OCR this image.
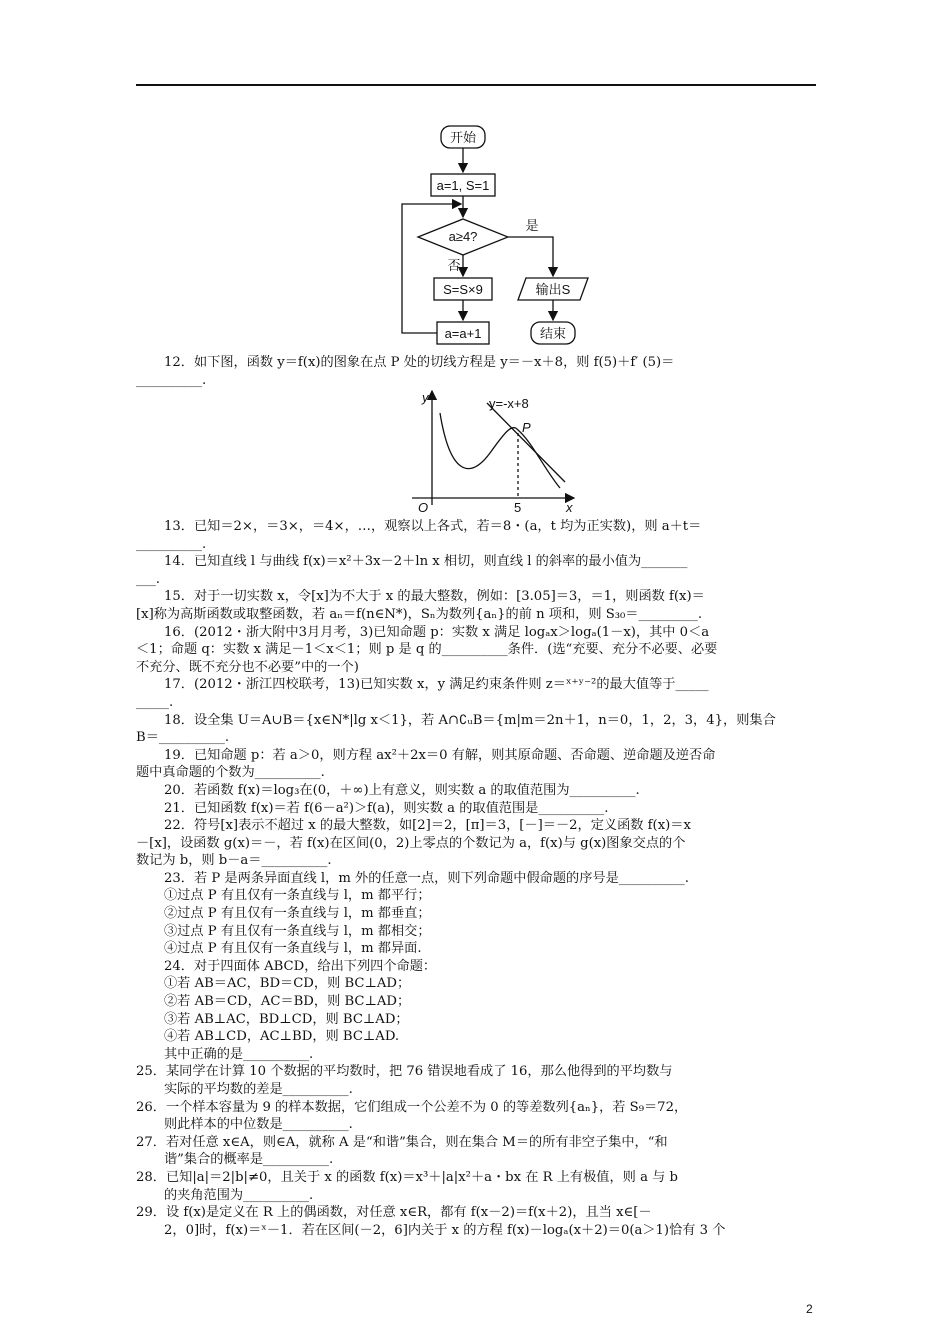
开始
a=1, S=1
a≥4?
是
否
S=S×9
a=a+1
输出S
结束
12．如下图，函数 y＝f(x)的图象在点 P 处的切线方程是 y＝－x＋8，则 f(5)＋f′ (5)＝
__________.
y
x
O
y=-x+8
P
5
13．已知＝2×，＝3×，＝4×，…，观察以上各式，若＝8・(a，t 均为正实数)，则 a＋t＝
__________.
14．已知直线 l 与曲线 f(x)＝x²＋3x－2＋ln x 相切，则直线 l 的斜率的最小值为_______
___.
15．对于一切实数 x，令[x]为不大于 x 的最大整数，例如：[3.05]＝3，＝1，则函数 f(x)＝
[x]称为高斯函数或取整函数，若 aₙ＝f(n∈N*)，Sₙ为数列{aₙ}的前 n 项和，则 S₃₀＝_________.
16．(2012・浙大附中3月月考，3)已知命题 p：实数 x 满足 logₐx＞logₐ(1－x)，其中 0＜a
＜1；命题 q：实数 x 满足－1＜x＜1；则 p 是 q 的__________条件．(选“充要、充分不必要、必要
不充分、既不充分也不必要”中的一个)
17．(2012・浙江四校联考，13)已知实数 x，y 满足约束条件则 z＝ˣ⁺ʸ⁻²的最大值等于_____
_____.
18．设全集 U＝A∪B＝{x∈N*|lg x＜1}，若 A∩∁ᵤB＝{m|m＝2n＋1，n＝0，1，2，3，4}，则集合
B＝__________.
19．已知命题 p：若 a＞0，则方程 ax²＋2x＝0 有解，则其原命题、否命题、逆命题及逆否命
题中真命题的个数为__________.
20．若函数 f(x)＝log₃在(0，＋∞)上有意义，则实数 a 的取值范围为__________.
21．已知函数 f(x)＝若 f(6－a²)＞f(a)，则实数 a 的取值范围是__________.
22．符号[x]表示不超过 x 的最大整数，如[2]＝2，[π]＝3，[－]＝－2，定义函数 f(x)＝x
－[x]，设函数 g(x)＝－，若 f(x)在区间(0，2)上零点的个数记为 a，f(x)与 g(x)图象交点的个
数记为 b，则 b－a＝__________.
23．若 P 是两条异面直线 l，m 外的任意一点，则下列命题中假命题的序号是__________.
①过点 P 有且仅有一条直线与 l，m 都平行；
②过点 P 有且仅有一条直线与 l，m 都垂直；
③过点 P 有且仅有一条直线与 l，m 都相交；
④过点 P 有且仅有一条直线与 l，m 都异面.
24．对于四面体 ABCD，给出下列四个命题：
①若 AB＝AC，BD＝CD，则 BC⊥AD；
②若 AB＝CD，AC＝BD，则 BC⊥AD；
③若 AB⊥AC，BD⊥CD，则 BC⊥AD；
④若 AB⊥CD，AC⊥BD，则 BC⊥AD.
其中正确的是__________.
25．某同学在计算 10 个数据的平均数时，把 76 错误地看成了 16，那么他得到的平均数与
实际的平均数的差是__________.
26．一个样本容量为 9 的样本数据，它们组成一个公差不为 0 的等差数列{aₙ}，若 S₉＝72，
则此样本的中位数是__________.
27．若对任意 x∈A，则∈A，就称 A 是“和谐”集合，则在集合 M＝的所有非空子集中，“和
谐”集合的概率是__________.
28．已知|a|＝2|b|≠0，且关于 x 的函数 f(x)＝x³＋|a|x²＋a・bx 在 R 上有极值，则 a 与 b
的夹角范围为__________.
29．设 f(x)是定义在 R 上的偶函数，对任意 x∈R，都有 f(x－2)＝f(x＋2)，且当 x∈[－
2，0]时，f(x)＝ˣ－1．若在区间(－2，6]内关于 x 的方程 f(x)－logₐ(x＋2)＝0(a＞1)恰有 3 个
2
